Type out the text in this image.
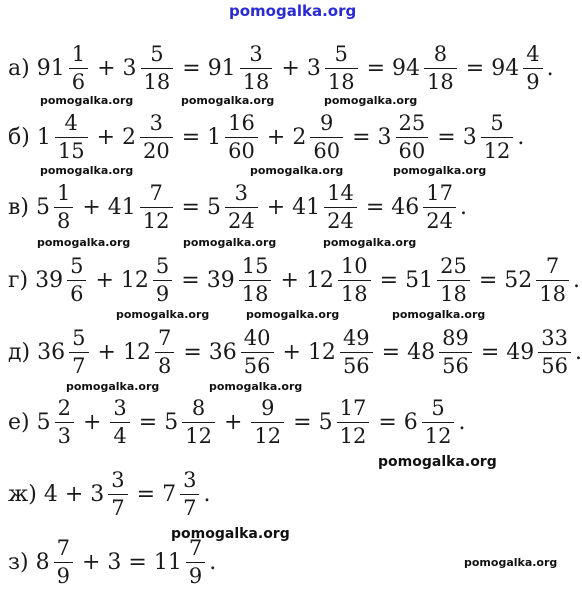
pomogalka.org
а) $91 \frac{1}{6} + 3 \frac{5}{18} = 91 \frac{3}{18} + 3 \frac{5}{18} = 94 \frac{8}{18} = 94 \frac{4}{9}$ .
б) $1 \frac{4}{15} + 2 \frac{3}{20} = 1 \frac{16}{60} + 2 \frac{9}{60} = 3 \frac{25}{60} = 3 \frac{5}{12}$ .
в) $5 \frac{1}{8} + 41 \frac{7}{12} = 5 \frac{3}{24} + 41 \frac{14}{24} = 46 \frac{17}{24}$ .
г) $39 \frac{5}{6} + 12 \frac{5}{9} = 39 \frac{15}{18} + 12 \frac{10}{18} = 51 \frac{25}{18} = 52 \frac{7}{18}$ .
д) $36 \frac{5}{7} + 12 \frac{7}{8} = 36 \frac{40}{56} + 12 \frac{49}{56} = 48 \frac{89}{56} = 49 \frac{33}{56}$ .
е) $5 \frac{2}{3} + \frac{3}{4} = 5 \frac{8}{12} + \frac{9}{12} = 5 \frac{17}{12} = 6 \frac{5}{12}$ .
ж) $4 + 3 \frac{3}{7} = 7 \frac{3}{7}$ .
з) $8 \frac{7}{9} + 3 = 11 \frac{7}{9}$ .
pomogalka.org	pomogalka.org	pomogalka.org
pomogalka.org	pomogalka.org	pomogalka.org
pomogalka.org	pomogalka.org	pomogalka.org
pomogalka.org	pomogalka.org	pomogalka.org
pomogalka.org	pomogalka.org
pomogalka.org
pomogalka.org
pomogalka.org
